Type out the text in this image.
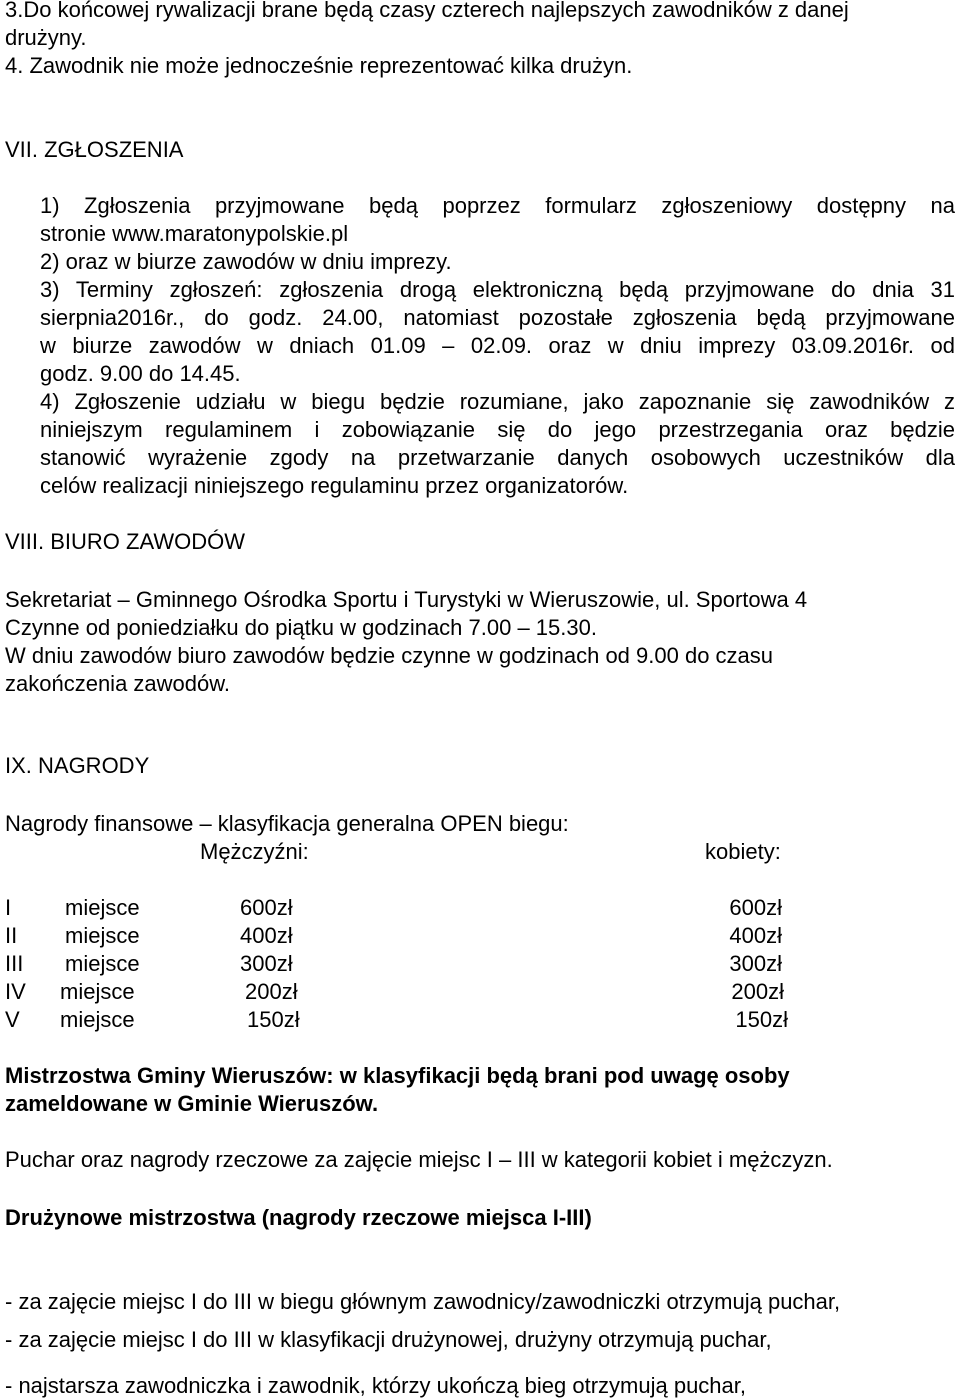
3.Do końcowej rywalizacji brane będą czasy czterech najlepszych zawodników z danej
drużyny.
4. Zawodnik nie może jednocześnie reprezentować kilka drużyn.
VII. ZGŁOSZENIA
1) Zgłoszenia przyjmowane będą poprzez formularz zgłoszeniowy dostępny na
stronie www.maratonypolskie.pl
2) oraz w biurze zawodów w dniu imprezy.
3) Terminy zgłoszeń: zgłoszenia drogą elektroniczną będą przyjmowane do dnia 31
sierpnia2016r., do godz. 24.00, natomiast pozostałe zgłoszenia będą przyjmowane
w biurze zawodów w dniach 01.09 – 02.09. oraz w dniu imprezy 03.09.2016r. od
godz. 9.00 do 14.45.
4) Zgłoszenie udziału w biegu będzie rozumiane, jako zapoznanie się zawodników z
niniejszym regulaminem i zobowiązanie się do jego przestrzegania oraz będzie
stanowić wyrażenie zgody na przetwarzanie danych osobowych uczestników dla
celów realizacji niniejszego regulaminu przez organizatorów.
VIII. BIURO ZAWODÓW
Sekretariat – Gminnego Ośrodka Sportu i Turystyki w Wieruszowie, ul. Sportowa 4
Czynne od poniedziałku do piątku w godzinach 7.00 – 15.30.
W dniu zawodów biuro zawodów będzie czynne w godzinach od 9.00 do czasu
zakończenia zawodów.
IX. NAGRODY
Nagrody finansowe – klasyfikacja generalna OPEN biegu:
Mężczyźni:	kobiety:
I miejsce	600zł	600zł
II miejsce	400zł	400zł
III miejsce	300zł	300zł
IV miejsce	200zł	200zł
V miejsce	150zł	150zł
Mistrzostwa Gminy Wieruszów: w klasyfikacji będą brani pod uwagę osoby
zameldowane w Gminie Wieruszów.
Puchar oraz nagrody rzeczowe za zajęcie miejsc I – III w kategorii kobiet i mężczyzn.
Drużynowe mistrzostwa (nagrody rzeczowe miejsca I-III)
- za zajęcie miejsc I do III w biegu głównym zawodnicy/zawodniczki otrzymują puchar,
- za zajęcie miejsc I do III w klasyfikacji drużynowej, drużyny otrzymują puchar,
- najstarsza zawodniczka i zawodnik, którzy ukończą bieg otrzymują puchar,
